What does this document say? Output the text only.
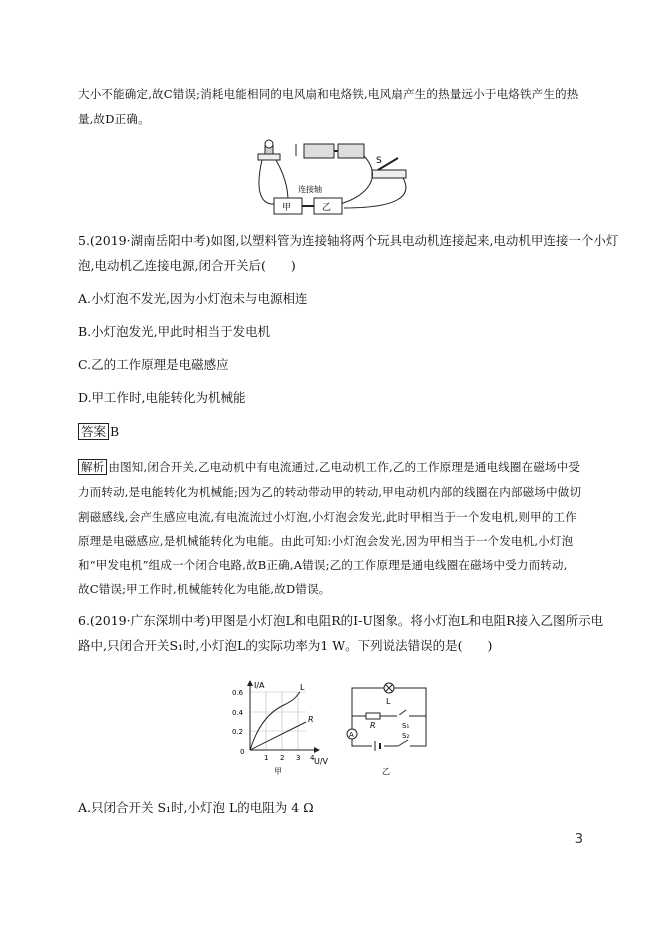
大小不能确定,故C错误;消耗电能相同的电风扇和电烙铁,电风扇产生的热量远小于电烙铁产生的热
量,故D正确。
S
甲	乙
连接轴
5.(2019·湖南岳阳中考)如图,以塑料管为连接轴将两个玩具电动机连接起来,电动机甲连接一个小灯
泡,电动机乙连接电源,闭合开关后(　　)
A.小灯泡不发光,因为小灯泡未与电源相连
B.小灯泡发光,甲此时相当于发电机
C.乙的工作原理是电磁感应
D.甲工作时,电能转化为机械能
答案 B
解析 由图知,闭合开关,乙电动机中有电流通过,乙电动机工作,乙的工作原理是通电线圈在磁场中受
力而转动,是电能转化为机械能;因为乙的转动带动甲的转动,甲电动机内部的线圈在内部磁场中做切
割磁感线,会产生感应电流,有电流流过小灯泡,小灯泡会发光,此时甲相当于一个发电机,则甲的工作
原理是电磁感应,是机械能转化为电能。由此可知:小灯泡会发光,因为甲相当于一个发电机,小灯泡
和“甲发电机”组成一个闭合电路,故B正确,A错误;乙的工作原理是通电线圈在磁场中受力而转动,
故C错误;甲工作时,机械能转化为电能,故D错误。
6.(2019·广东深圳中考)甲图是小灯泡L和电阻R的I-U图象。将小灯泡L和电阻R接入乙图所示电
路中,只闭合开关S₁时,小灯泡L的实际功率为1 W。下列说法错误的是(　　)
I/A
0.6
0.4
0.2
0
1 2 3 4 U/V
L
R
甲
L
R	S₁
A	S₂
乙
A.只闭合开关 S₁时,小灯泡 L的电阻为 4 Ω
3
